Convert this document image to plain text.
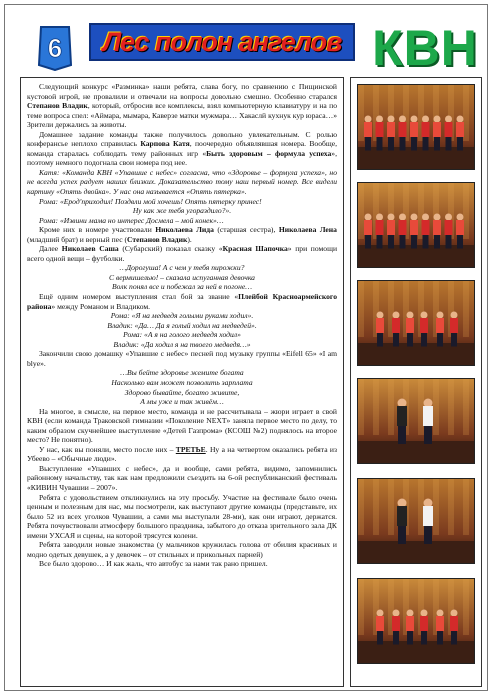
6	Лес полон ангелов КВН

Следующий конкурс «Разминка» наши ребята, слава богу, по сравнению с Пищинской кустовой игрой, не провалили и отвечали на вопросы довольно смешно. Особенно старался Степанов Владик, который, отбросив все комплексы, взял компьютерную клавиатуру и на по теме вопроса спел: «Аймара, мымара, Каверзе матки мужмара… Хакаслй кухнук кур юраса…» Зрители держались за животы.

Домашнее задание команды также получилось довольно увлекательным. С ролью конферансье неплохо справилась Карпова Катя, поочередно объявлявшая номера. Вообще, команда старалась соблюдать тему районных игр «Быть здоровым – формула успеха», поэтому немного подогнала свои номера под нее.

Катя: «Команда КВН «Упавшие с небес» согласна, что «Здоровье – формула успеха», но не всегда успех радует наших близких. Доказательство тому наш первый номер. Все видели картину «Опять двойка». У нас она называется «Опять пятерка».

Рома: «Ерод'приходил! Поздвли мой хочешь! Опять пятерку принес!

Ну как же тебя угораздило?».

Рома: «Извини мама но интерес Досмела – мой конек»…

Кроме них в номере участвовали Николаева Лида (старшая сестра), Николаева Лена (младший брат) и верный пес (Степанов Владик).

Далее Николаев Саша (Субарский) показал сказку «Красная Шапочка» при помощи всего одной вещи – футболки.

…Дорогуша! А с чем у тебя пирожки?

С вермишелью! – сказала испуганная девочка

Волк понял все и побежал за ней в погоне…

Ещё одним номером выступления стал бой за звание «Плейбой Красноармейского района» между Романом и Владиком.

Рома: «Я на медведя голыми руками ходил».

Владик: «Да… Да я голый ходил на медведей».

Рома: «А я на голого медведя ходил»

Владик: «Да ходил я на твоего медведя…»

Закончили свою домашку «Упавшие с небес» песней под музыку группы «Eifell 65» «I am blye».

…Вы бейте здоровье жемите богата

Насколько вам может позволить зарплата

Здорово бывайте, богато живите,

А мы уже и так живём…

На многое, в смысле, на первое место, команда и не рассчитывала – жюри играет в свой КВН (если команда Траковской гимназии «Поколение NEXT» заняла первое место по делу, то каким образом скучнейшее выступление «Детей Газпрома» (КСОШ №2) поднялось на второе место? Не понятно).

У нас, как вы поняли, место после них – ТРЕТЬЕ. Ну а на четвертом оказались ребята из Убеево – «Обычные люди».

Выступление «Упавших с небес», да и вообще, сами ребята, видимо, запомнились районному начальству, так как нам предложили съездить на 6-ой республиканский фестиваль «КИВИН Чувашии – 2007».

Ребята с удовольствием откликнулись на эту просьбу. Участие на фестивале было очень ценным и полезным для нас, мы посмотрели, как выступают другие команды (представьте, их было 52 из всех уголков Чувашии, а сами мы выступали 28-ми), как они играют, держатся. Ребята почувствовали атмосферу большого праздника, забытого до отказа зрительного зала ДК имени УХСАЯ и сцены, на которой трясутся колени.

Ребята заводили новые знакомства (у мальчиков кружилась голова от обилия красивых и модно одетых девушек, а у девочек – от стильных и прикольных парней)

Все было здорово… И как жаль, что автобус за нами так рано пришел.
